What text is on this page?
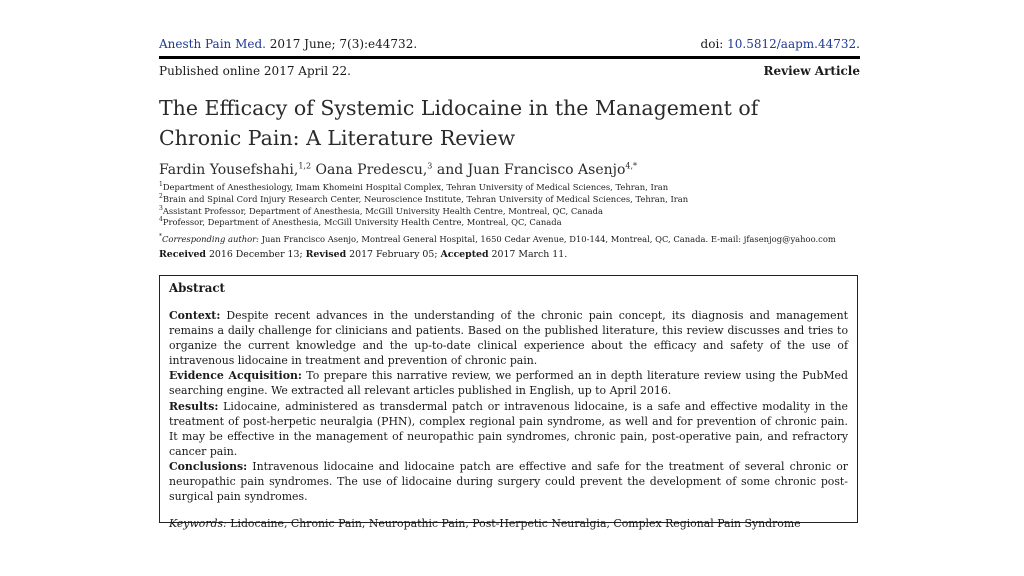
Anesth Pain Med. 2017 June; 7(3):e44732.	doi: 10.5812/aapm.44732.
Published online 2017 April 22.	Review Article
The Efficacy of Systemic Lidocaine in the Management of Chronic Pain: A Literature Review
Fardin Yousefshahi,$^{1,2}$ Oana Predescu,$^3$ and Juan Francisco Asenjo$^{4,*}$
$^1$Department of Anesthesiology, Imam Khomeini Hospital Complex, Tehran University of Medical Sciences, Tehran, Iran
$^2$Brain and Spinal Cord Injury Research Center, Neuroscience Institute, Tehran University of Medical Sciences, Tehran, Iran
$^3$Assistant Professor, Department of Anesthesia, McGill University Health Centre, Montreal, QC, Canada
$^4$Professor, Department of Anesthesia, McGill University Health Centre, Montreal, QC, Canada
*Corresponding author: Juan Francisco Asenjo, Montreal General Hospital, 1650 Cedar Avenue, D10-144, Montreal, QC, Canada. E-mail: jfasenjog@yahoo.com
Received 2016 December 13; Revised 2017 February 05; Accepted 2017 March 11.
Abstract

Context: Despite recent advances in the understanding of the chronic pain concept, its diagnosis and management remains a daily challenge for clinicians and patients. Based on the published literature, this review discusses and tries to organize the current knowledge and the up-to-date clinical experience about the efficacy and safety of the use of intravenous lidocaine in treatment and prevention of chronic pain.

Evidence Acquisition: To prepare this narrative review, we performed an in depth literature review using the PubMed searching engine. We extracted all relevant articles published in English, up to April 2016.

Results: Lidocaine, administered as transdermal patch or intravenous lidocaine, is a safe and effective modality in the treatment of post-herpetic neuralgia (PHN), complex regional pain syndrome, as well and for prevention of chronic pain. It may be effective in the management of neuropathic pain syndromes, chronic pain, post-operative pain, and refractory cancer pain.

Conclusions: Intravenous lidocaine and lidocaine patch are effective and safe for the treatment of several chronic or neuropathic pain syndromes. The use of lidocaine during surgery could prevent the development of some chronic post-surgical pain syndromes.

Keywords: Lidocaine, Chronic Pain, Neuropathic Pain, Post-Herpetic Neuralgia, Complex Regional Pain Syndrome
